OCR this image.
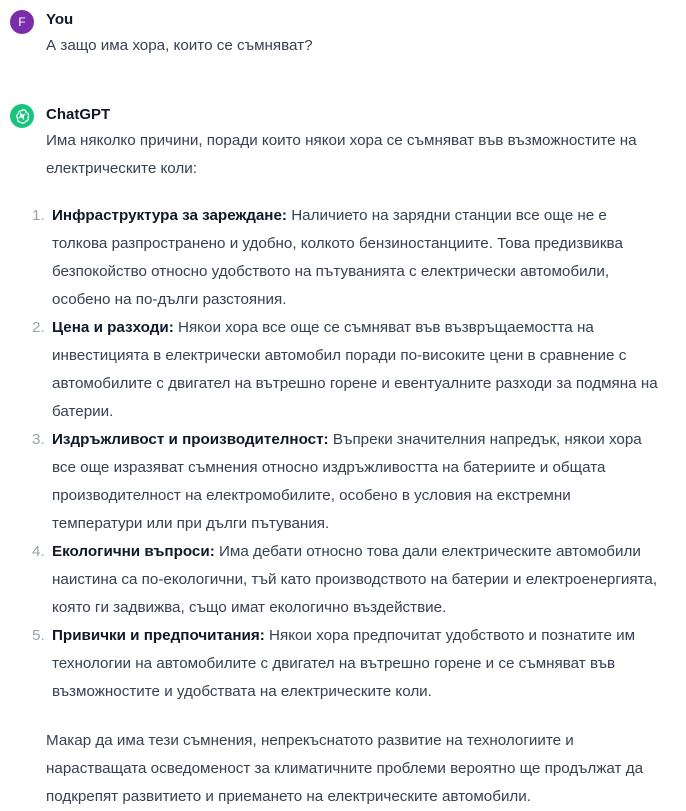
F You
А защо има хора, които се съмняват?
ChatGPT
Има няколко причини, поради които някои хора се съмняват във възможностите на електрическите коли:
1. Инфраструктура за зареждане: Наличието на зарядни станции все още не е толкова разпространено и удобно, колкото бензиностанциите. Това предизвиква безпокойство относно удобството на пътуванията с електрически автомобили, особено на по-дълги разстояния.
2. Цена и разходи: Някои хора все още се съмняват във възвръщаемостта на инвестицията в електрически автомобил поради по-високите цени в сравнение с автомобилите с двигател на вътрешно горене и евентуалните разходи за подмяна на батерии.
3. Издръжливост и производителност: Въпреки значителния напредък, някои хора все още изразяват съмнения относно издръжливостта на батериите и общата производителност на електромобилите, особено в условия на екстремни температури или при дълги пътувания.
4. Екологични въпроси: Има дебати относно това дали електрическите автомобили наистина са по-екологични, тъй като производството на батерии и електроенергията, която ги задвижва, също имат екологично въздействие.
5. Привички и предпочитания: Някои хора предпочитат удобството и познатите им технологии на автомобилите с двигател на вътрешно горене и се съмняват във възможностите и удобствата на електрическите коли.
Макар да има тези съмнения, непрекъснатото развитие на технологиите и нарастващата осведоменост за климатичните проблеми вероятно ще продължат да подкрепят развитието и приемането на електрическите автомобили.
